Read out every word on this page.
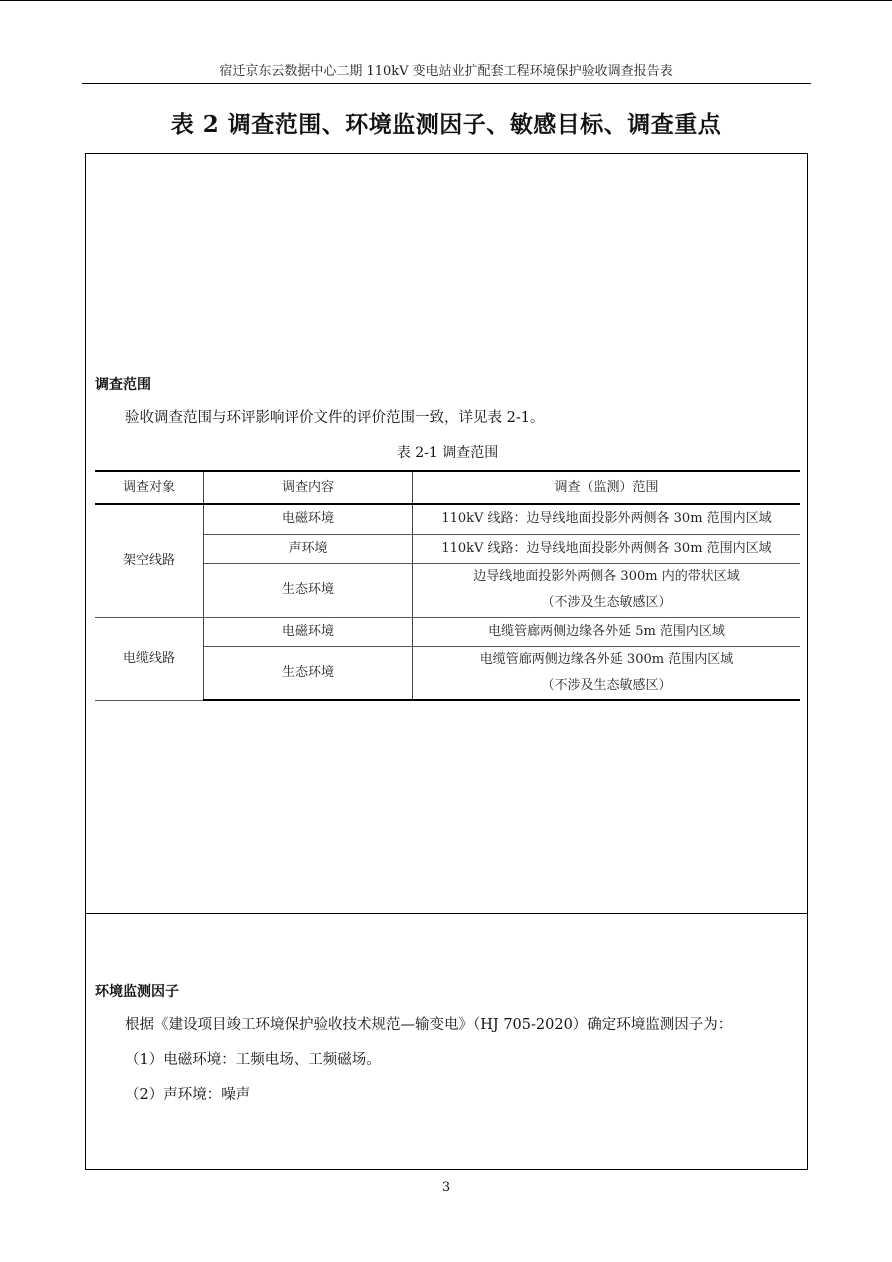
宿迁京东云数据中心二期 110kV 变电站业扩配套工程环境保护验收调查报告表
表 2 调查范围、环境监测因子、敏感目标、调查重点
调查范围
验收调查范围与环评影响评价文件的评价范围一致，详见表 2-1。
表 2-1 调查范围
调查对象	调查内容	调查（监测）范围
架空线路	电磁环境	110kV 线路：边导线地面投影外两侧各 30m 范围内区域
	声环境	110kV 线路：边导线地面投影外两侧各 30m 范围内区域
	生态环境	边导线地面投影外两侧各 300m 内的带状区域
（不涉及生态敏感区）

电缆线路	电磁环境	电缆管廊两侧边缘各外延 5m 范围内区域
	生态环境	电缆管廊两侧边缘各外延 300m 范围内区域
（不涉及生态敏感区）
环境监测因子
根据《建设项目竣工环境保护验收技术规范—输变电》（HJ 705-2020）确定环境监测因子为：
（1）电磁环境：工频电场、工频磁场。
（2）声环境：噪声
3
